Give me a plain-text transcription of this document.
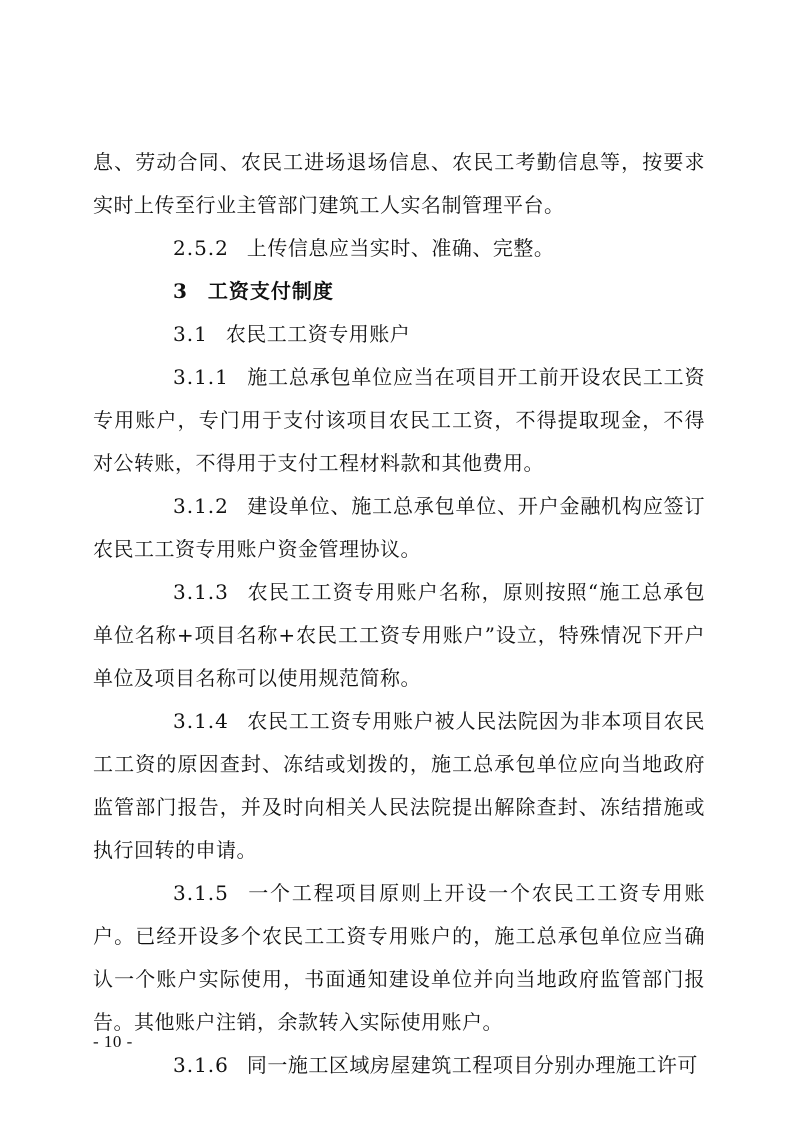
息、劳动合同、农民工进场退场信息、农民工考勤信息等，按要求实时上传至行业主管部门建筑工人实名制管理平台。

2.5.2 上传信息应当实时、准确、完整。

3 工资支付制度

3.1 农民工工资专用账户

3.1.1 施工总承包单位应当在项目开工前开设农民工工资专用账户，专门用于支付该项目农民工工资，不得提取现金，不得对公转账，不得用于支付工程材料款和其他费用。

3.1.2 建设单位、施工总承包单位、开户金融机构应签订农民工工资专用账户资金管理协议。

3.1.3 农民工工资专用账户名称，原则按照“施工总承包单位名称+项目名称+农民工工资专用账户”设立，特殊情况下开户单位及项目名称可以使用规范简称。

3.1.4 农民工工资专用账户被人民法院因为非本项目农民工工资的原因查封、冻结或划拨的，施工总承包单位应向当地政府监管部门报告，并及时向相关人民法院提出解除查封、冻结措施或执行回转的申请。

3.1.5 一个工程项目原则上开设一个农民工工资专用账户。已经开设多个农民工工资专用账户的，施工总承包单位应当确认一个账户实际使用，书面通知建设单位并向当地政府监管部门报告。其他账户注销，余款转入实际使用账户。

3.1.6 同一施工区域房屋建筑工程项目分别办理施工许可

- 10 -
